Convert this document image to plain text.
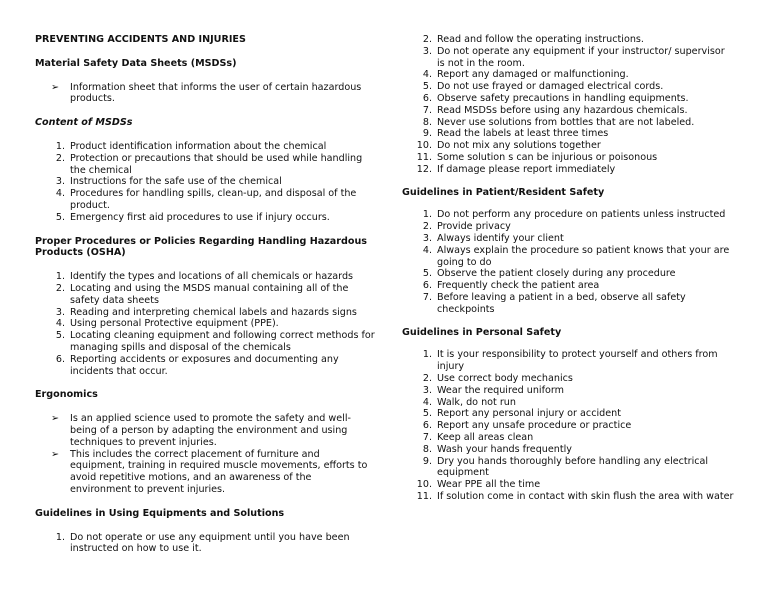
PREVENTING ACCIDENTS AND INJURIES

Material Safety Data Sheets (MSDSs)

➢ Information sheet that informs the user of certain hazardous products.

Content of MSDSs

1. Product identification information about the chemical
2. Protection or precautions that should be used while handling the chemical
3. Instructions for the safe use of the chemical
4. Procedures for handling spills, clean-up, and disposal of the product.
5. Emergency first aid procedures to use if injury occurs.

Proper Procedures or Policies Regarding Handling Hazardous Products (OSHA)

1. Identify the types and locations of all chemicals or hazards
2. Locating and using the MSDS manual containing all of the safety data sheets
3. Reading and interpreting chemical labels and hazards signs
4. Using personal Protective equipment (PPE).
5. Locating cleaning equipment and following correct methods for managing spills and disposal of the chemicals
6. Reporting accidents or exposures and documenting any incidents that occur.

Ergonomics

➢ Is an applied science used to promote the safety and well-being of a person by adapting the environment and using techniques to prevent injuries.
➢ This includes the correct placement of furniture and equipment, training in required muscle movements, efforts to avoid repetitive motions, and an awareness of the environment to prevent injuries.

Guidelines in Using Equipments and Solutions

1. Do not operate or use any equipment until you have been instructed on how to use it.
2. Read and follow the operating instructions.
3. Do not operate any equipment if your instructor/ supervisor is not in the room.
4. Report any damaged or malfunctioning.
5. Do not use frayed or damaged electrical cords.
6. Observe safety precautions in handling equipments.
7. Read MSDSs before using any hazardous chemicals.
8. Never use solutions from bottles that are not labeled.
9. Read the labels at least three times
10. Do not mix any solutions together
11. Some solution s can be injurious or poisonous
12. If damage please report immediately

Guidelines in Patient/Resident Safety

1. Do not perform any procedure on patients unless instructed
2. Provide privacy
3. Always identify your client
4. Always explain the procedure so patient knows that your are going to do
5. Observe the patient closely during any procedure
6. Frequently check the patient area
7. Before leaving a patient in a bed, observe all safety checkpoints

Guidelines in Personal Safety

1. It is your responsibility to protect yourself and others from injury
2. Use correct body mechanics
3. Wear the required uniform
4. Walk, do not run
5. Report any personal injury or accident
6. Report any unsafe procedure or practice
7. Keep all areas clean
8. Wash your hands frequently
9. Dry you hands thoroughly before handling any electrical equipment
10. Wear PPE all the time
11. If solution come in contact with skin flush the area with water
